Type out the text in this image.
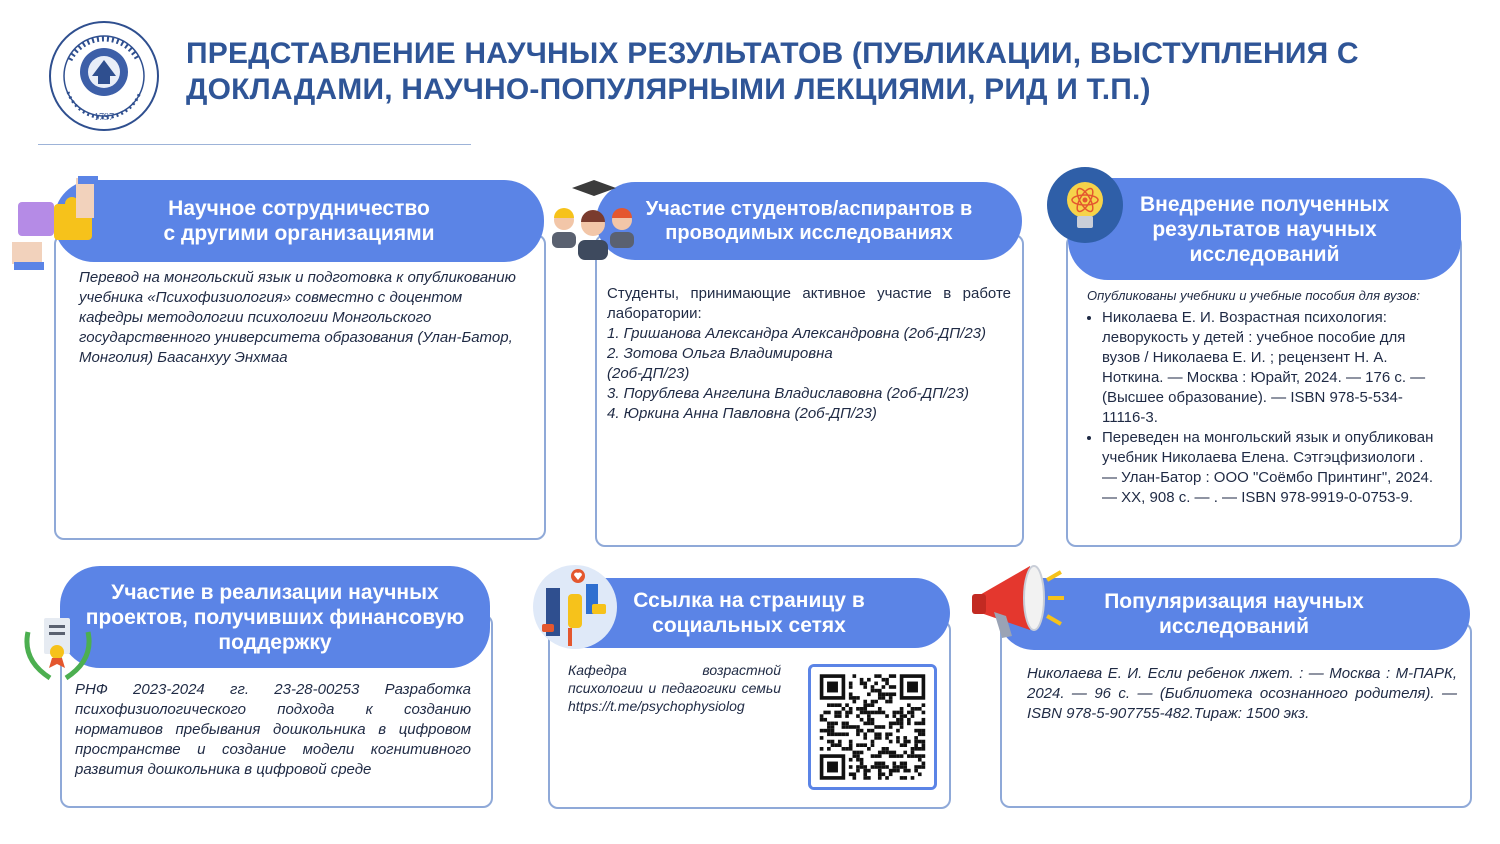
1797
ПРЕДСТАВЛЕНИЕ НАУЧНЫХ РЕЗУЛЬТАТОВ (ПУБЛИКАЦИИ, ВЫСТУПЛЕНИЯ С ДОКЛАДАМИ, НАУЧНО-ПОПУЛЯРНЫМИ ЛЕКЦИЯМИ, РИД И Т.П.)
Научное сотрудничество
с другими организациями
Перевод на монгольский язык и подготовка к опубликованию учебника «Психофизиология» совместно с доцентом кафедры методологии психологии Монгольского государственного университета образования (Улан-Батор, Монголия) Баасанхуу Энхмаа
Участие студентов/аспирантов в
проводимых исследованиях
Студенты, принимающие активное участие в работе лаборатории:
1. Гришанова Александра Александровна (2об-ДП/23)
2. Зотова Ольга Владимировна
(2об-ДП/23)
3. Порублева Ангелина Владиславовна (2об-ДП/23)
4. Юркина Анна Павловна (2об-ДП/23)
Внедрение полученных
результатов научных
исследований

Опубликованы учебники и учебные пособия для вузов:

• Николаева Е. И. Возрастная психология: леворукость у детей : учебное пособие для вузов / Николаева Е. И. ; рецензент Н. А. Ноткина. — Москва : Юрайт, 2024. — 176 с. — (Высшее образование). — ISBN 978-5-534-11116-3.
• Переведен на монгольский язык и опубликован учебник Николаева Елена. Сэтгэцфизиологи . — Улан-Батор : ООО "Соёмбо Принтинг", 2024. — XX, 908 с. — . — ISBN 978-9919-0-0753-9.
Участие в реализации научных
проектов, получивших финансовую
поддержку
РНФ 2023-2024 гг. 23-28-00253 Разработка психофизиологического подхода к созданию нормативов пребывания дошкольника в цифровом пространстве и создание модели когнитивного развития дошкольника в цифровой среде
Ссылка на страницу в
социальных сетях
Кафедра возрастной психологии и педагогики семьи https://t.me/psychophysiolog
Популяризация научных
исследований
Николаева Е. И. Если ребенок лжет. : — Москва : М-ПАРК, 2024. — 96 с. — (Библиотека осознанного родителя). — ISBN 978-5-907755-482.Тираж: 1500 экз.
